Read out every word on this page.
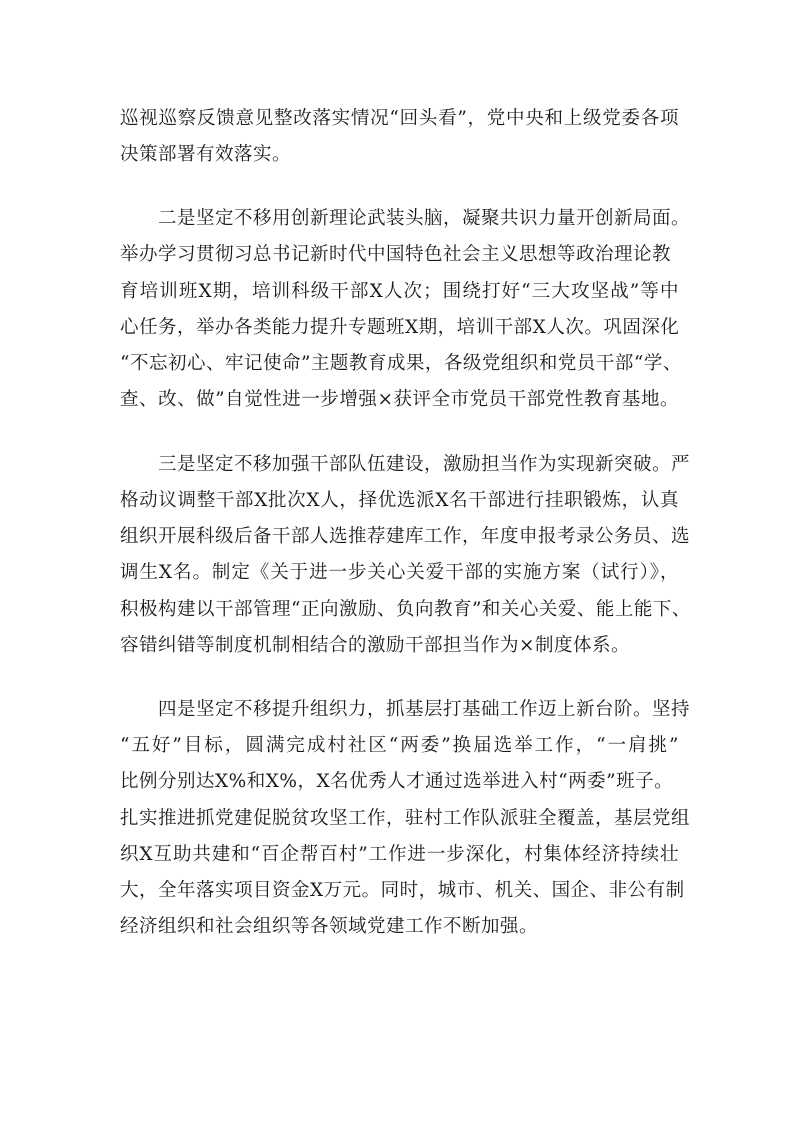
巡视巡察反馈意见整改落实情况“回头看”，党中央和上级党委各项
决策部署有效落实。
二是坚定不移用创新理论武装头脑，凝聚共识力量开创新局面。
举办学习贯彻习总书记新时代中国特色社会主义思想等政治理论教
育培训班X期，培训科级干部X人次；围绕打好“三大攻坚战”等中
心任务，举办各类能力提升专题班X期，培训干部X人次。巩固深化
“不忘初心、牢记使命”主题教育成果，各级党组织和党员干部“学、
查、改、做”自觉性进一步增强×获评全市党员干部党性教育基地。
三是坚定不移加强干部队伍建设，激励担当作为实现新突破。严
格动议调整干部X批次X人，择优选派X名干部进行挂职锻炼，认真
组织开展科级后备干部人选推荐建库工作，年度申报考录公务员、选
调生X名。制定《关于进一步关心关爱干部的实施方案（试行）》，
积极构建以干部管理“正向激励、负向教育”和关心关爱、能上能下、
容错纠错等制度机制相结合的激励干部担当作为×制度体系。
四是坚定不移提升组织力，抓基层打基础工作迈上新台阶。坚持
“五好”目标，圆满完成村社区“两委”换届选举工作，“一肩挑”
比例分别达X%和X%，X名优秀人才通过选举进入村“两委”班子。
扎实推进抓党建促脱贫攻坚工作，驻村工作队派驻全覆盖，基层党组
织X互助共建和“百企帮百村”工作进一步深化，村集体经济持续壮
大，全年落实项目资金X万元。同时，城市、机关、国企、非公有制
经济组织和社会组织等各领域党建工作不断加强。
